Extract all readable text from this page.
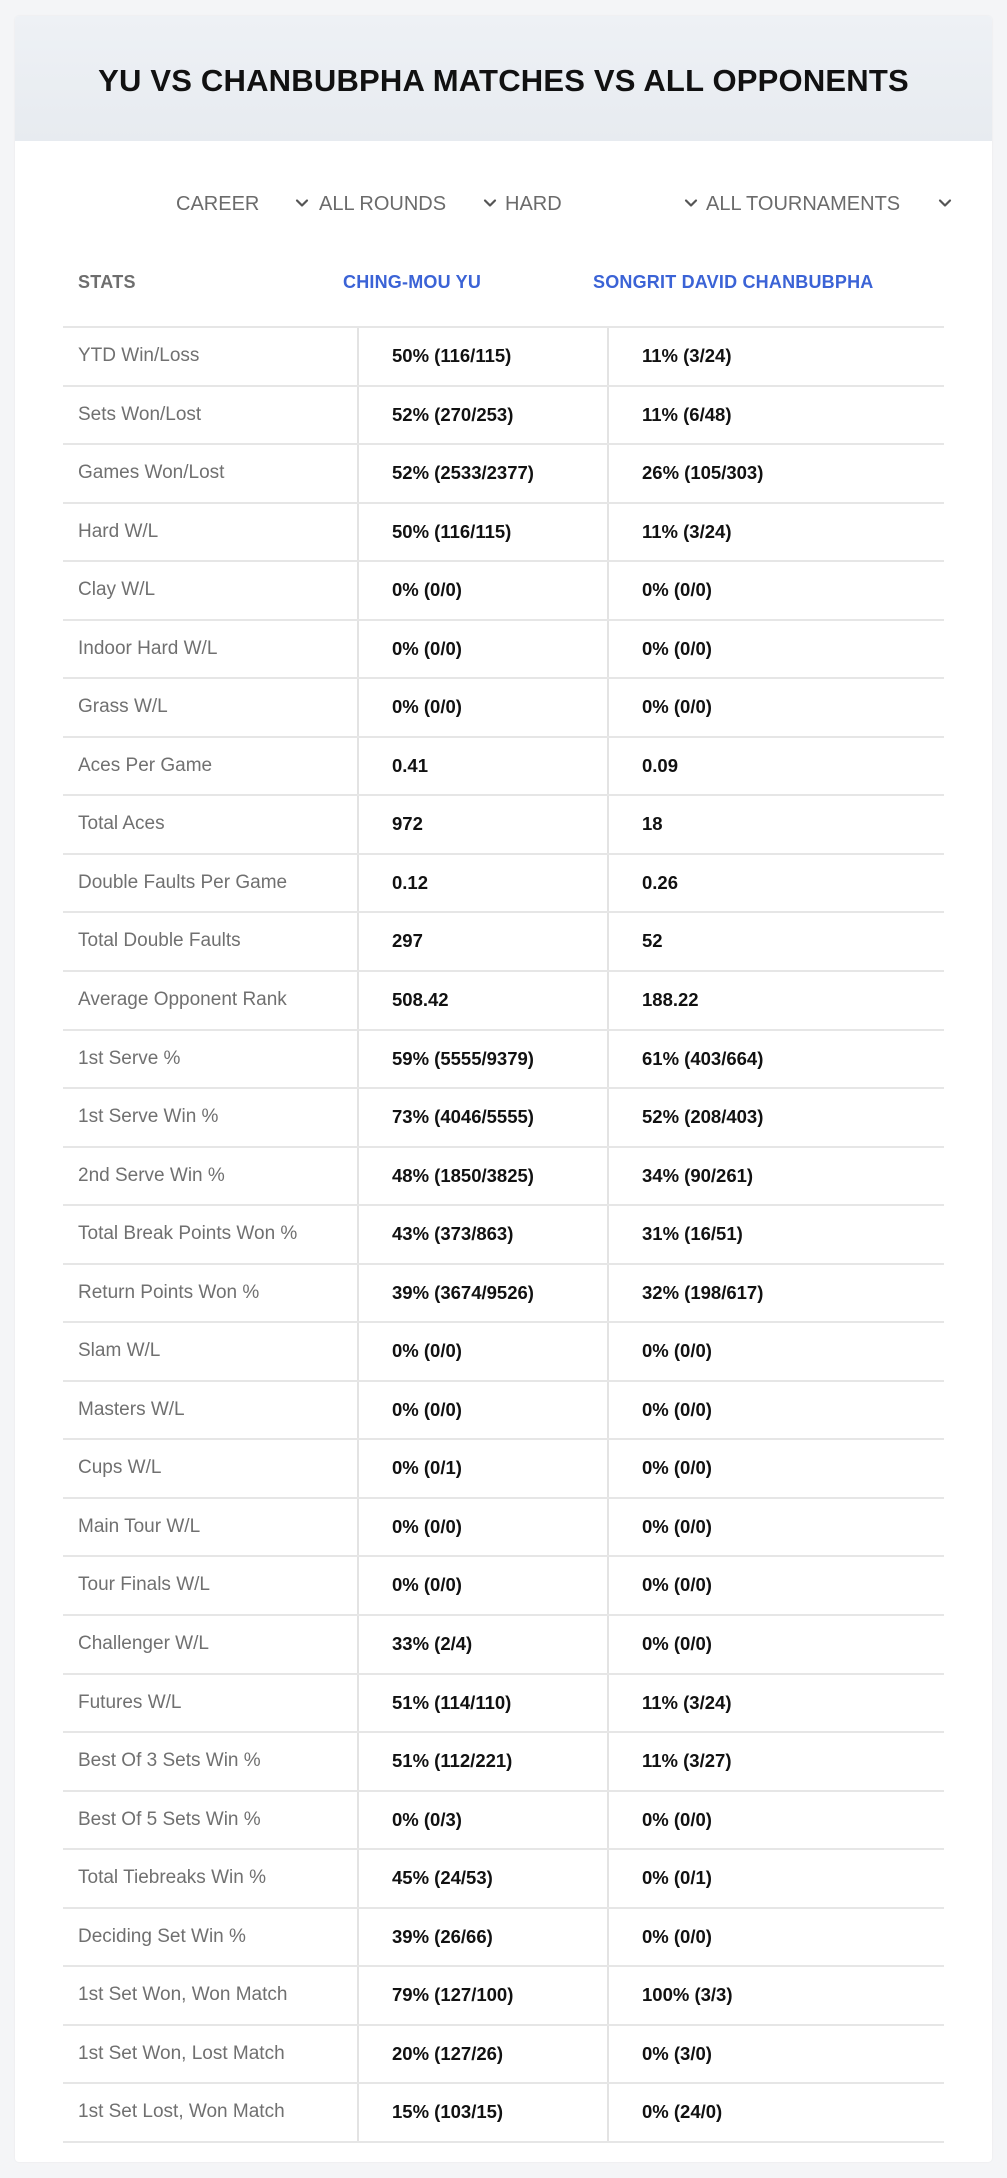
YU VS CHANBUBPHA MATCHES VS ALL OPPONENTS
CAREER	ALL ROUNDS	HARD	ALL TOURNAMENTS
STATS	CHING-MOU YU	SONGRIT DAVID CHANBUBPHA
YTD Win/Loss	50% (116/115)	11% (3/24)
Sets Won/Lost	52% (270/253)	11% (6/48)
Games Won/Lost	52% (2533/2377)	26% (105/303)
Hard W/L	50% (116/115)	11% (3/24)
Clay W/L	0% (0/0)	0% (0/0)
Indoor Hard W/L	0% (0/0)	0% (0/0)
Grass W/L	0% (0/0)	0% (0/0)
Aces Per Game	0.41	0.09
Total Aces	972	18
Double Faults Per Game	0.12	0.26
Total Double Faults	297	52
Average Opponent Rank	508.42	188.22
1st Serve %	59% (5555/9379)	61% (403/664)
1st Serve Win %	73% (4046/5555)	52% (208/403)
2nd Serve Win %	48% (1850/3825)	34% (90/261)
Total Break Points Won %	43% (373/863)	31% (16/51)
Return Points Won %	39% (3674/9526)	32% (198/617)
Slam W/L	0% (0/0)	0% (0/0)
Masters W/L	0% (0/0)	0% (0/0)
Cups W/L	0% (0/1)	0% (0/0)
Main Tour W/L	0% (0/0)	0% (0/0)
Tour Finals W/L	0% (0/0)	0% (0/0)
Challenger W/L	33% (2/4)	0% (0/0)
Futures W/L	51% (114/110)	11% (3/24)
Best Of 3 Sets Win %	51% (112/221)	11% (3/27)
Best Of 5 Sets Win %	0% (0/3)	0% (0/0)
Total Tiebreaks Win %	45% (24/53)	0% (0/1)
Deciding Set Win %	39% (26/66)	0% (0/0)
1st Set Won, Won Match	79% (127/100)	100% (3/3)
1st Set Won, Lost Match	20% (127/26)	0% (3/0)
1st Set Lost, Won Match	15% (103/15)	0% (24/0)
